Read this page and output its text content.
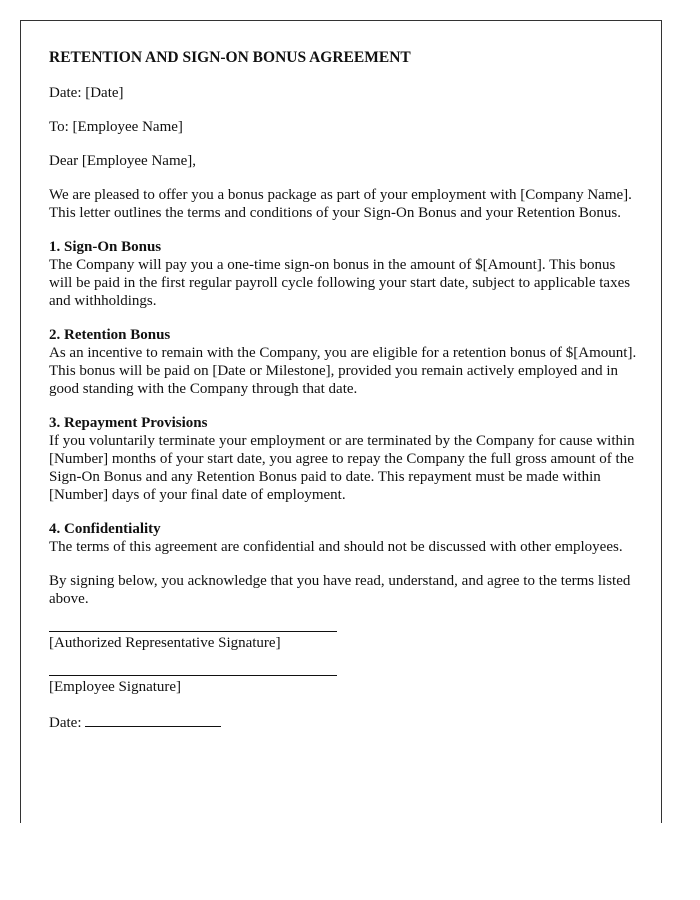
RETENTION AND SIGN-ON BONUS AGREEMENT

Date: [Date]

To: [Employee Name]

Dear [Employee Name],

We are pleased to offer you a bonus package as part of your employment with [Company Name]. This letter outlines the terms and conditions of your Sign-On Bonus and your Retention Bonus.

1. Sign-On Bonus
The Company will pay you a one-time sign-on bonus in the amount of $[Amount]. This bonus will be paid in the first regular payroll cycle following your start date, subject to applicable taxes and withholdings.
2. Retention Bonus
As an incentive to remain with the Company, you are eligible for a retention bonus of $[Amount]. This bonus will be paid on [Date or Milestone], provided you remain actively employed and in good standing with the Company through that date.
3. Repayment Provisions
If you voluntarily terminate your employment or are terminated by the Company for cause within [Number] months of your start date, you agree to repay the Company the full gross amount of the Sign-On Bonus and any Retention Bonus paid to date. This repayment must be made within [Number] days of your final date of employment.
4. Confidentiality
The terms of this agreement are confidential and should not be discussed with other employees.

By signing below, you acknowledge that you have read, understand, and agree to the terms listed above.

[Authorized Representative Signature]
[Employee Signature]
Date:
